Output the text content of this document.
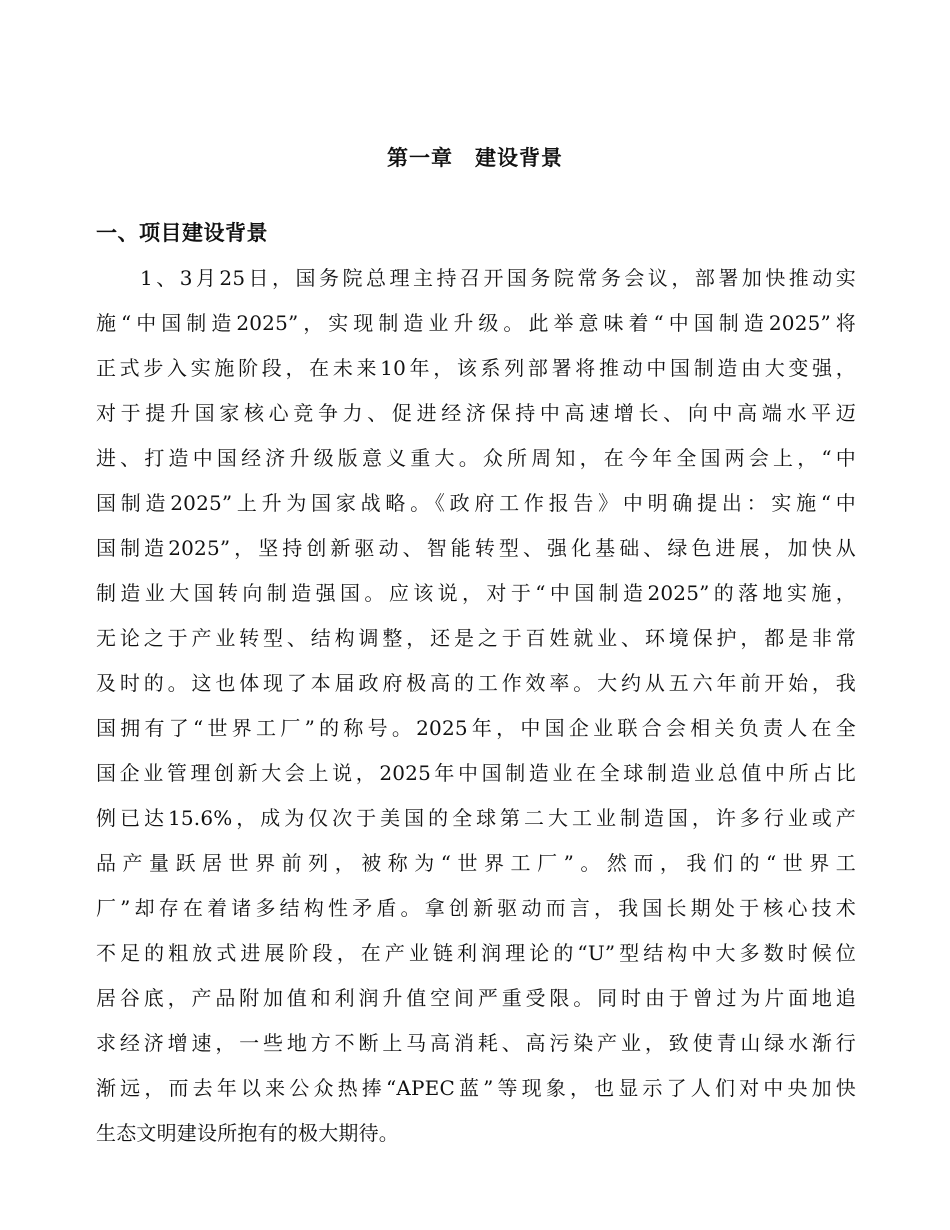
第一章　建设背景
一、项目建设背景
1、3月25日，国务院总理主持召开国务院常务会议，部署加快推动实
施“中国制造2025”，实现制造业升级。此举意味着“中国制造2025”将
正式步入实施阶段，在未来10年，该系列部署将推动中国制造由大变强，
对于提升国家核心竞争力、促进经济保持中高速增长、向中高端水平迈
进、打造中国经济升级版意义重大。众所周知，在今年全国两会上，“中
国制造2025”上升为国家战略。《政府工作报告》中明确提出：实施“中
国制造2025”，坚持创新驱动、智能转型、强化基础、绿色进展，加快从
制造业大国转向制造强国。应该说，对于“中国制造2025”的落地实施，
无论之于产业转型、结构调整，还是之于百姓就业、环境保护，都是非常
及时的。这也体现了本届政府极高的工作效率。大约从五六年前开始，我
国拥有了“世界工厂”的称号。2025年，中国企业联合会相关负责人在全
国企业管理创新大会上说，2025年中国制造业在全球制造业总值中所占比
例已达15.6%，成为仅次于美国的全球第二大工业制造国，许多行业或产
品产量跃居世界前列，被称为“世界工厂”。然而，我们的“世界工
厂”却存在着诸多结构性矛盾。拿创新驱动而言，我国长期处于核心技术
不足的粗放式进展阶段，在产业链利润理论的“U”型结构中大多数时候位
居谷底，产品附加值和利润升值空间严重受限。同时由于曾过为片面地追
求经济增速，一些地方不断上马高消耗、高污染产业，致使青山绿水渐行
渐远，而去年以来公众热捧“APEC蓝”等现象，也显示了人们对中央加快
生态文明建设所抱有的极大期待。
